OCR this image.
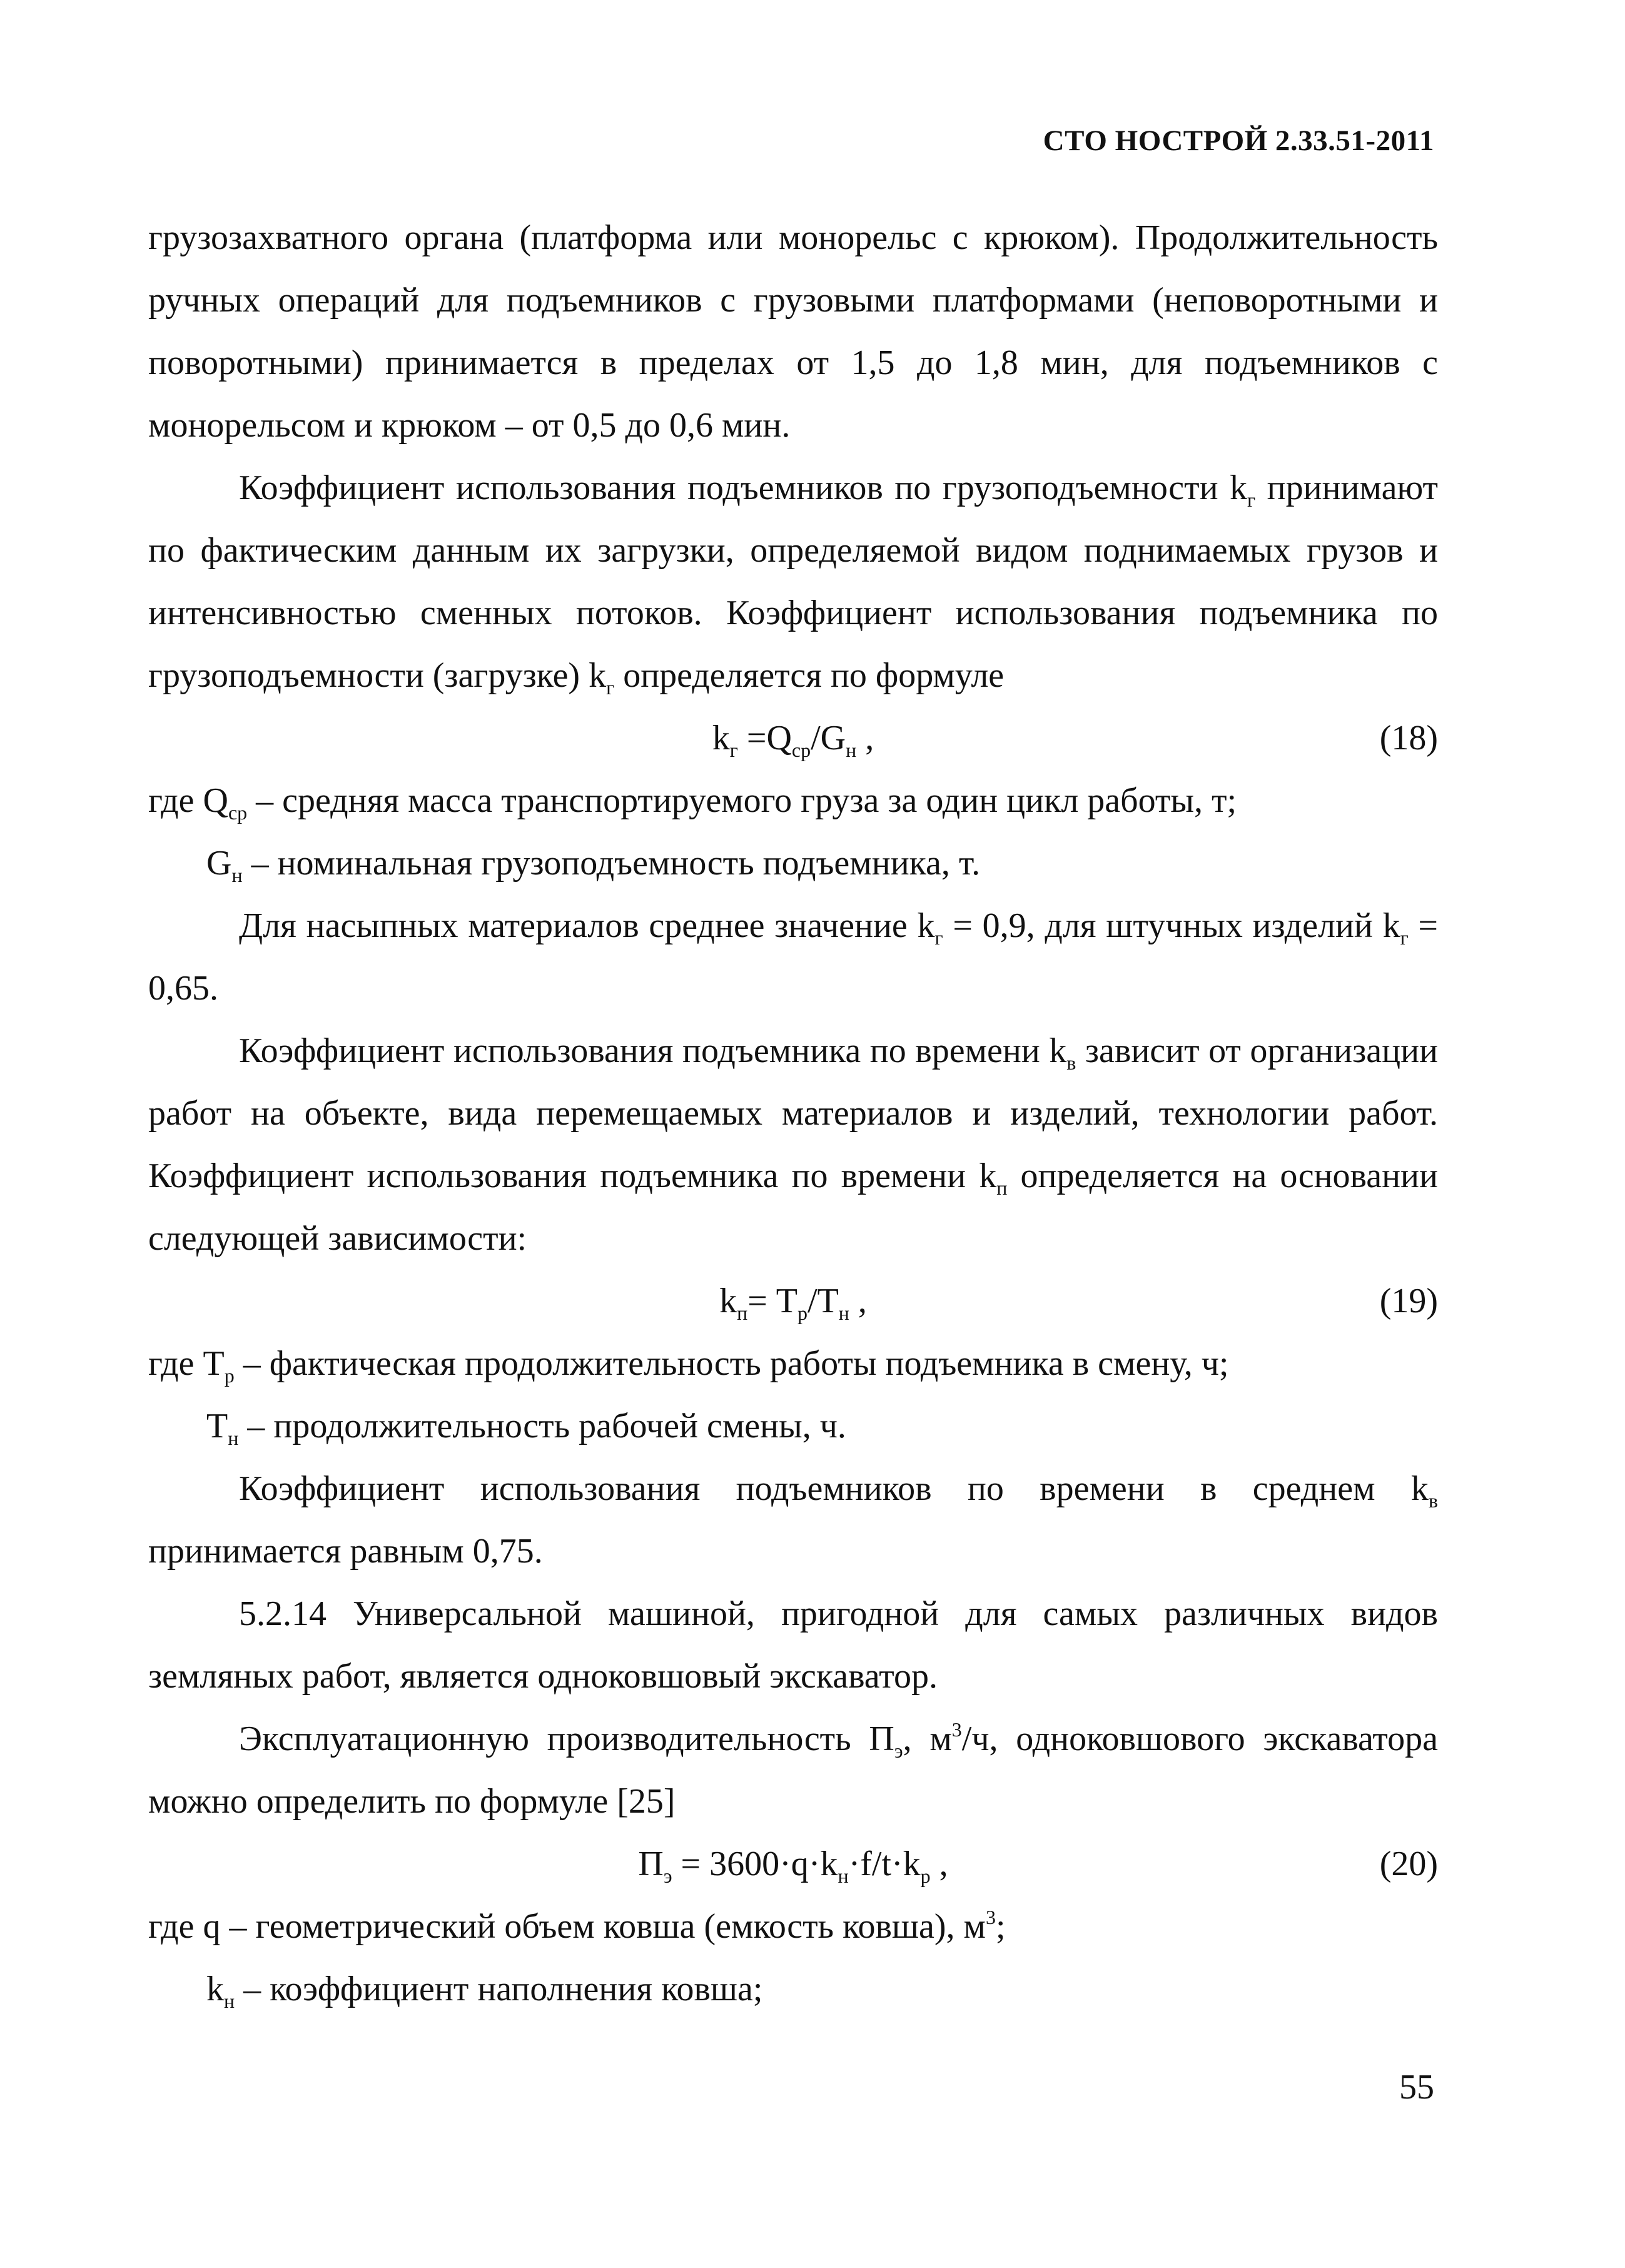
СТО НОСТРОЙ 2.33.51-2011

грузозахватного органа (платформа или монорельс с крюком). Продолжительность ручных операций для подъемников с грузовыми платформами (неповоротными и поворотными) принимается в пределах от 1,5 до 1,8 мин, для подъемников с монорельсом и крюком – от 0,5 до 0,6 мин.

Коэффициент использования подъемников по грузоподъемности $k_г$ принимают по фактическим данным их загрузки, определяемой видом поднимаемых грузов и интенсивностью сменных потоков. Коэффициент использования подъемника по грузоподъемности (загрузке) $k_г$ определяется по формуле

$k_г =Q_{ср}/G_н$ ,	(18)

где $Q_{ср}$ – средняя масса транспортируемого груза за один цикл работы, т;

$G_н$ – номинальная грузоподъемность подъемника, т.

Для насыпных материалов среднее значение $k_г = 0,9$, для штучных изделий $k_г = 0,65$.

Коэффициент использования подъемника по времени $k_в$ зависит от организации работ на объекте, вида перемещаемых материалов и изделий, технологии работ. Коэффициент использования подъемника по времени $k_п$ определяется на основании следующей зависимости:

$k_п= T_р/T_н$ ,	(19)

где $T_р$ – фактическая продолжительность работы подъемника в смену, ч;

$T_н$ – продолжительность рабочей смены, ч.

Коэффициент использования подъемников по времени в среднем $k_в$ принимается равным 0,75.

5.2.14 Универсальной машиной, пригодной для самых различных видов земляных работ, является одноковшовый экскаватор.

Эксплуатационную производительность $П_э$, $м^3/ч$, одноковшового экскаватора можно определить по формуле [25]

$П_э = 3600\cdot q\cdot k_н\cdot f/t\cdot k_р$ ,	(20)

где q – геометрический объем ковша (емкость ковша), $м^3$;

$k_н$ – коэффициент наполнения ковша;

55
